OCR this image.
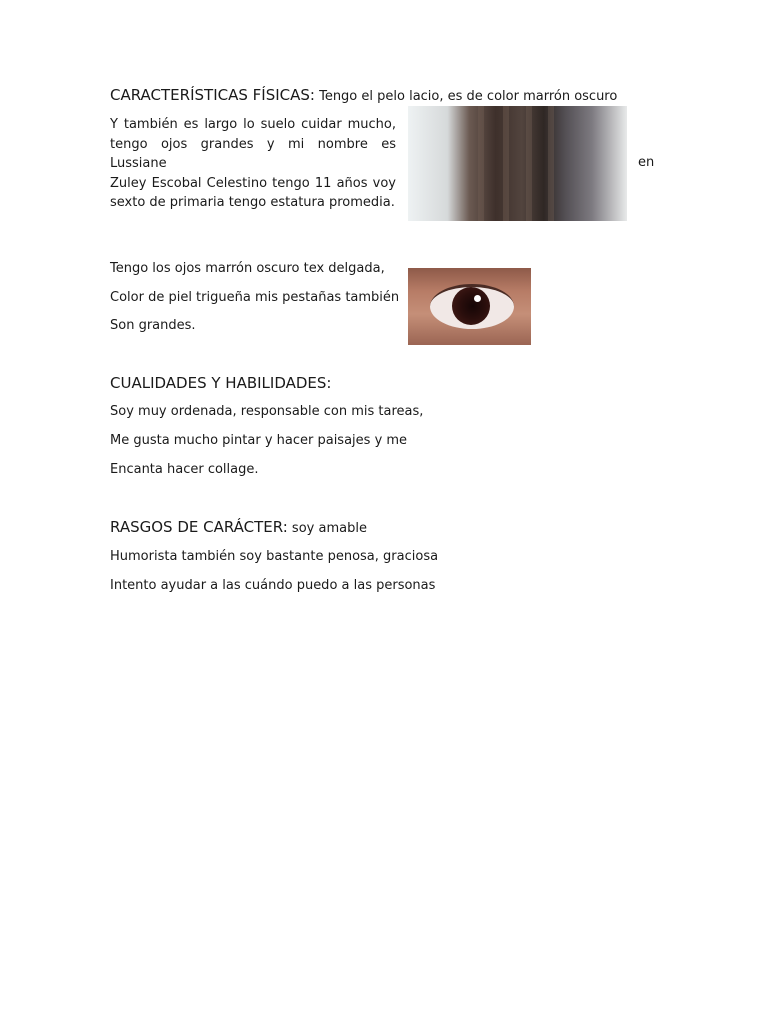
CARACTERÍSTICAS FÍSICAS: Tengo el pelo lacio, es de color marrón oscuro
Y también es largo lo suelo cuidar mucho,
tengo ojos grandes y mi nombre es Lussiane
Zuley Escobal Celestino tengo 11 años voy
sexto de primaria tengo estatura promedia.
en
Tengo los ojos marrón oscuro tex delgada,
Color de piel trigueña mis pestañas también
Son grandes.
CUALIDADES Y HABILIDADES:
Soy muy ordenada, responsable con mis tareas,
Me gusta mucho pintar y hacer paisajes y me
Encanta hacer collage.
RASGOS DE CARÁCTER: soy amable
Humorista también soy bastante penosa, graciosa
Intento ayudar a las cuándo puedo a las personas
